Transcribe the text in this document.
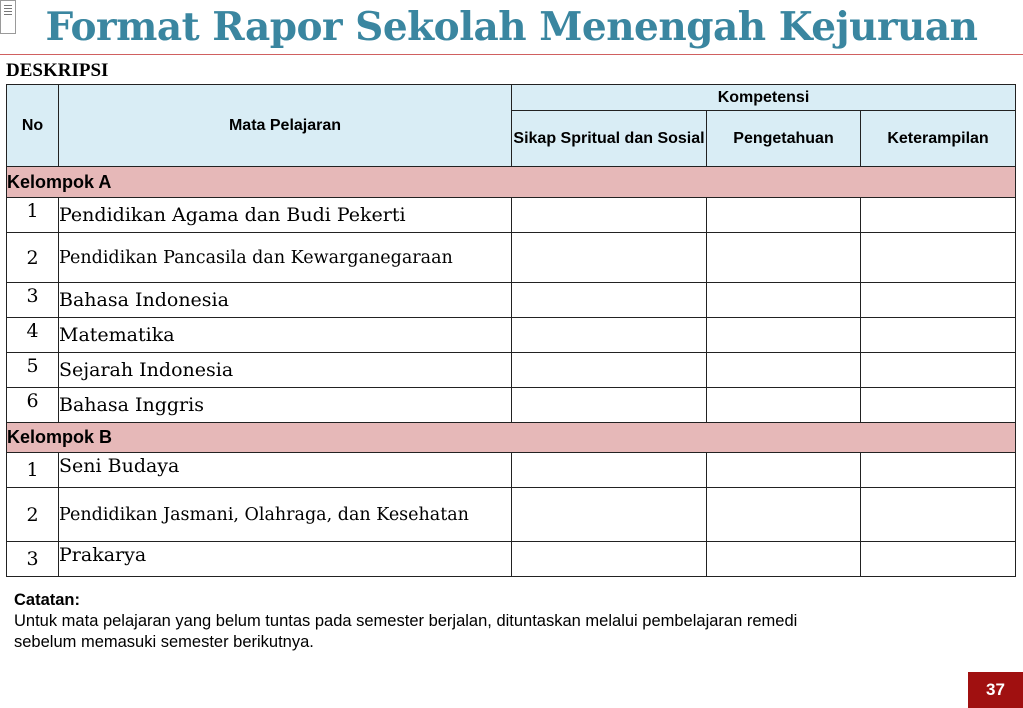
Format Rapor Sekolah Menengah Kejuruan
DESKRIPSI
No	Mata Pelajaran	Kompetensi		
		Sikap Spritual dan Sosial	Pengetahuan	Keterampilan
Kelompok A				
1	Pendidikan Agama dan Budi Pekerti			
2	Pendidikan Pancasila dan Kewarganegaraan			
3	Bahasa Indonesia			
4	Matematika			
5	Sejarah Indonesia			
6	Bahasa Inggris			
Kelompok B				
1	Seni Budaya			
2	Pendidikan Jasmani, Olahraga, dan Kesehatan			
3	Prakarya			
Catatan:
Untuk mata pelajaran yang belum tuntas pada semester berjalan, dituntaskan melalui pembelajaran remedi
sebelum memasuki semester berikutnya.
37
